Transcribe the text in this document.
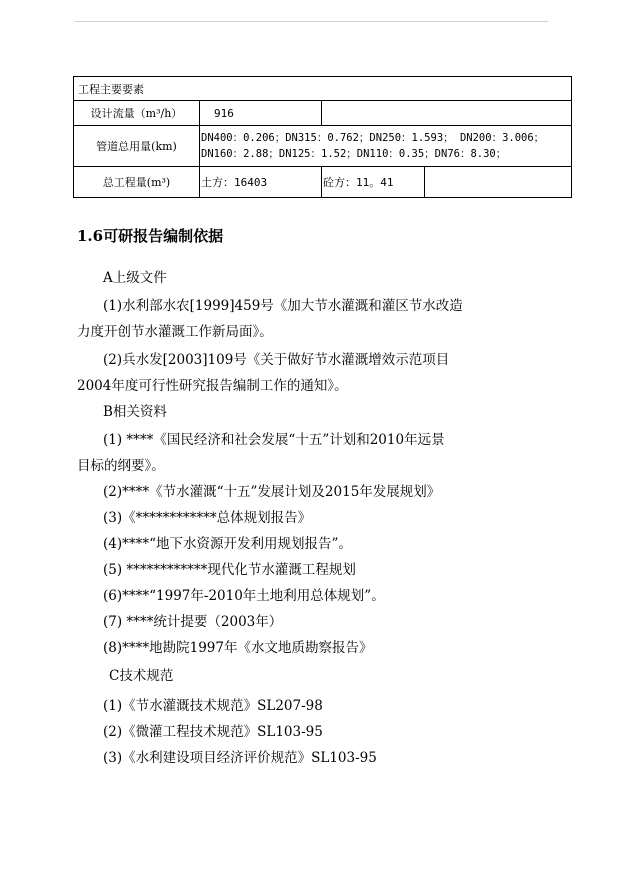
工程主要要素			
设计流量（m³/h）	916		
管道总用量(km)	DN400：0.206；DN315：0.762；DN250：1.593； DN200：3.006；
DN160：2.88；DN125：1.52；DN110：0.35；DN76：8.30；		

总工程量(m³)	土方：16403	砼方：11。41	
1.6可研报告编制依据
A上级文件
(1)水利部水农[1999]459号《加大节水灌溉和灌区节水改造
力度开创节水灌溉工作新局面》。
(2)兵水发[2003]109号《关于做好节水灌溉增效示范项目
2004年度可行性研究报告编制工作的通知》。
B相关资料
(1) ****《国民经济和社会发展“十五”计划和2010年远景
目标的纲要》。
(2)****《节水灌溉“十五”发展计划及2015年发展规划》
(3)《************总体规划报告》
(4)****“地下水资源开发利用规划报告”。
(5) ************现代化节水灌溉工程规划
(6)****“1997年-2010年土地利用总体规划”。
(7) ****统计提要（2003年）
(8)****地勘院1997年《水文地质勘察报告》
C技术规范
(1)《节水灌溉技术规范》SL207-98
(2)《微灌工程技术规范》SL103-95
(3)《水利建设项目经济评价规范》SL103-95
